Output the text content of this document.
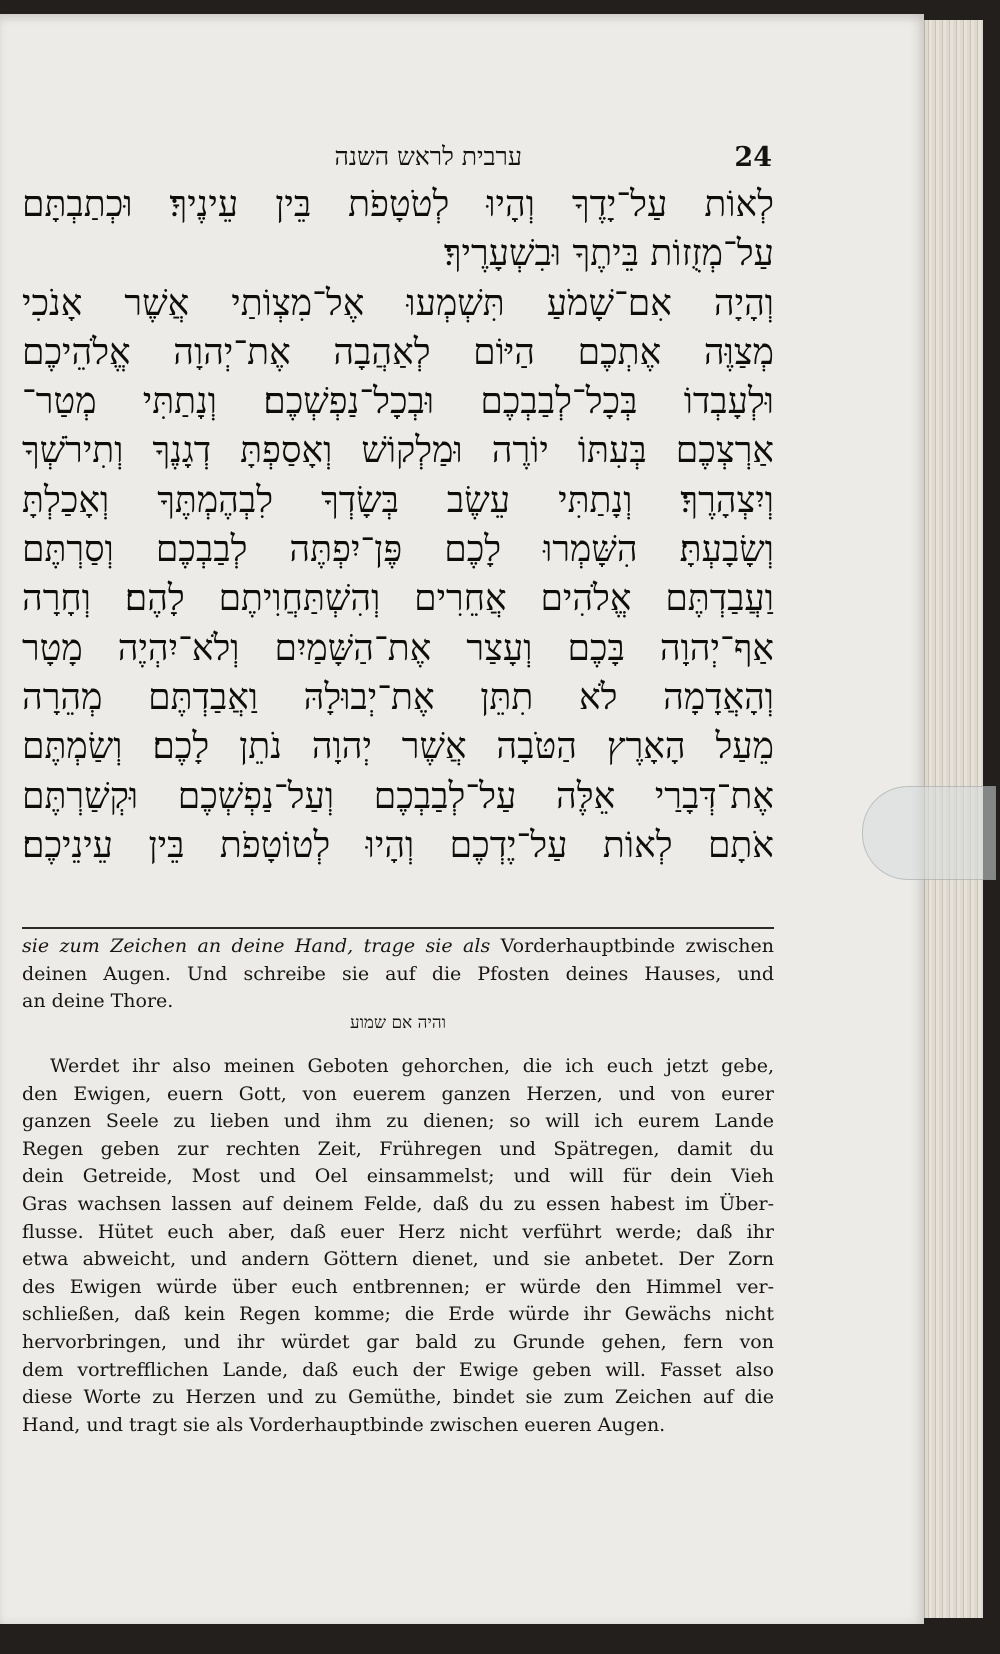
ערבית לראש השנה	24
לְאוֹת עַל־יָדֶךָ וְהָיוּ לְטֹטָפֹת בֵּין עֵינֶיךָ׃ וּכְתַבְתָּם
עַל־מְזֻזוֹת בֵּיתֶךָ וּבִשְׁעָרֶיךָ׃
וְהָיָה אִם־שָׁמֹעַ תִּשְׁמְעוּ אֶל־מִצְוֹתַי אֲשֶׁר אָנֹכִי
מְצַוֶּה אֶתְכֶם הַיּוֹם לְאַהֲבָה אֶת־יְהוָה אֱלֹהֵיכֶם
וּלְעָבְדוֹ בְּכָל־לְבַבְכֶם וּבְכָל־נַפְשְׁכֶם׃ וְנָתַתִּי מְטַר־
אַרְצְכֶם בְּעִתּוֹ יוֹרֶה וּמַלְקוֹשׁ וְאָסַפְתָּ דְגָנֶךָ וְתִירֹשְׁךָ
וְיִצְהָרֶךָ׃ וְנָתַתִּי עֵשֶׂב בְּשָׂדְךָ לִבְהֶמְתֶּךָ וְאָכַלְתָּ
וְשָׂבָעְתָּ׃ הִשָּׁמְרוּ לָכֶם פֶּן־יִפְתֶּה לְבַבְכֶם וְסַרְתֶּם
וַעֲבַדְתֶּם אֱלֹהִים אֲחֵרִים וְהִשְׁתַּחֲוִיתֶם לָהֶם׃ וְחָרָה
אַף־יְהוָה בָּכֶם וְעָצַר אֶת־הַשָּׁמַיִם וְלֹא־יִהְיֶה מָטָר
וְהָאֲדָמָה לֹא תִתֵּן אֶת־יְבוּלָהּ וַאֲבַדְתֶּם מְהֵרָה
מֵעַל הָאָרֶץ הַטֹּבָה אֲשֶׁר יְהוָה נֹתֵן לָכֶם׃ וְשַׂמְתֶּם
אֶת־דְּבָרַי אֵלֶּה עַל־לְבַבְכֶם וְעַל־נַפְשְׁכֶם וּקְשַׁרְתֶּם
אֹתָם לְאוֹת עַל־יֶדְכֶם וְהָיוּ לְטוֹטָפֹת בֵּין עֵינֵיכֶם׃
sie zum Zeichen an deine Hand, trage sie als Vorderhauptbinde zwischen
deinen Augen. Und schreibe sie auf die Pfosten deines Hauses, und
an deine Thore.
והיה אם שמוע
Werdet ihr also meinen Geboten gehorchen, die ich euch jetzt gebe,
den Ewigen, euern Gott, von euerem ganzen Herzen, und von eurer
ganzen Seele zu lieben und ihm zu dienen; so will ich eurem Lande
Regen geben zur rechten Zeit, Frühregen und Spätregen, damit du
dein Getreide, Most und Oel einsammelst; und will für dein Vieh
Gras wachsen lassen auf deinem Felde, daß du zu essen habest im Über-
flusse. Hütet euch aber, daß euer Herz nicht verführt werde; daß ihr
etwa abweicht, und andern Göttern dienet, und sie anbetet. Der Zorn
des Ewigen würde über euch entbrennen; er würde den Himmel ver-
schließen, daß kein Regen komme; die Erde würde ihr Gewächs nicht
hervorbringen, und ihr würdet gar bald zu Grunde gehen, fern von
dem vortrefflichen Lande, daß euch der Ewige geben will. Fasset also
diese Worte zu Herzen und zu Gemüthe, bindet sie zum Zeichen auf die
Hand, und tragt sie als Vorderhauptbinde zwischen eueren Augen.
